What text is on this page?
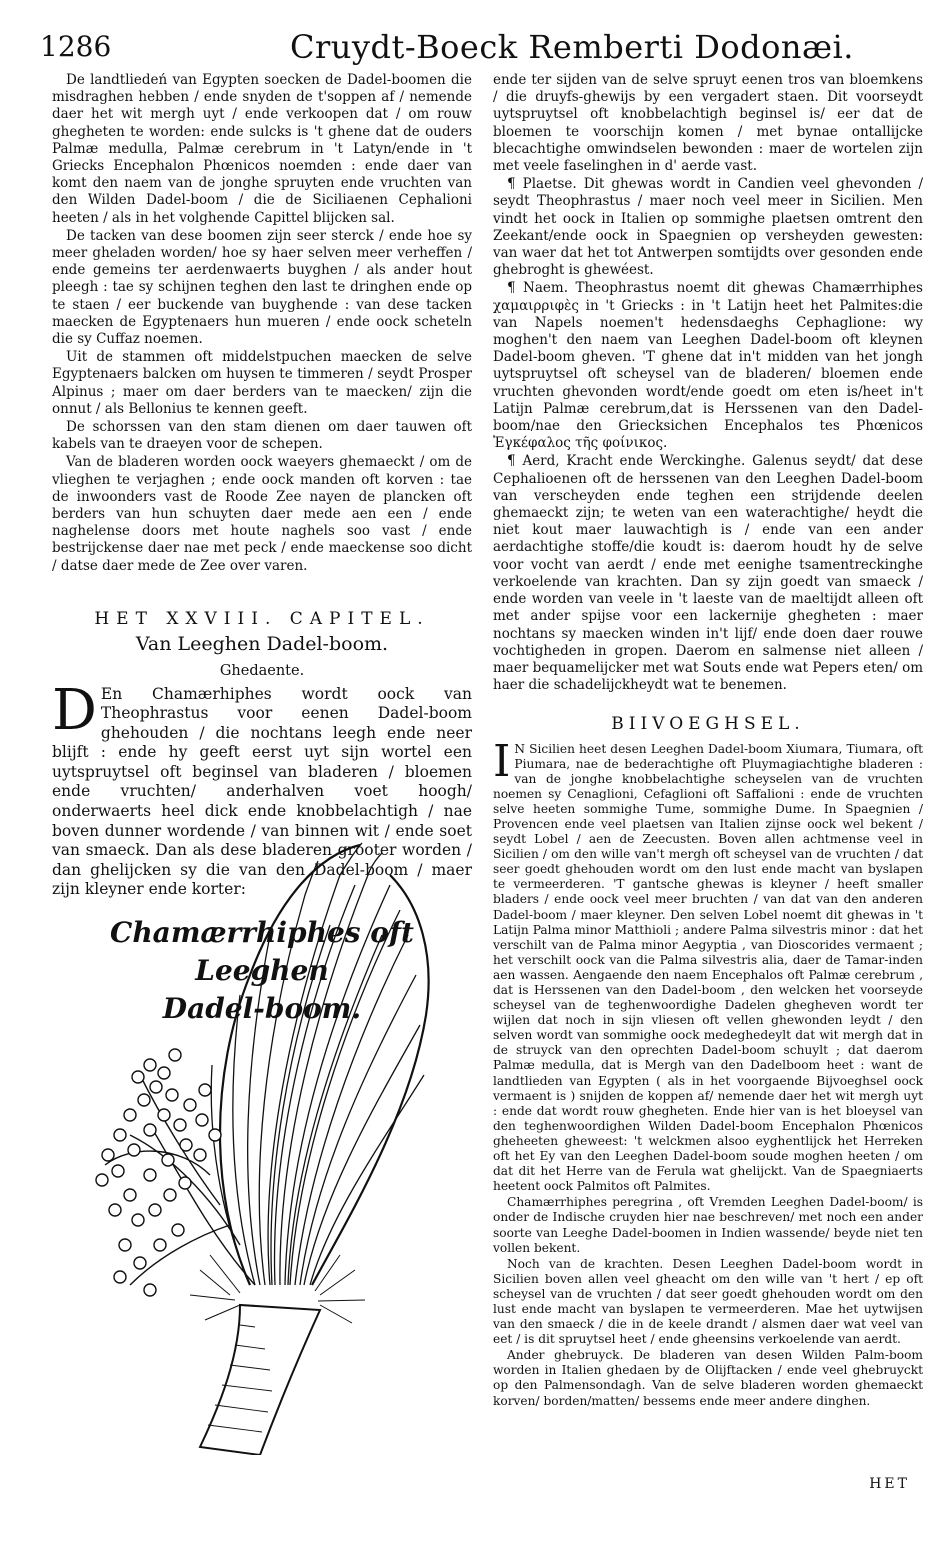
1286	Cruydt-Boeck Remberti Dodonæi.

De landtliedeń van Egypten soecken de Dadel-boomen die misdraghen hebben / ende snyden de t'soppen af / nemende daer het wit mergh uyt / ende verkoopen dat / om rouw ghegheten te worden: ende sulcks is 't ghene dat de ouders Palmæ medulla, Palmæ cerebrum in 't Latyn/ende in 't Griecks Encephalon Phœnicos noemden : ende daer van komt den naem van de jonghe spruyten ende vruchten van den Wilden Dadel-boom / die de Siciliaenen Cephalioni heeten / als in het volghende Capittel blijcken sal.

De tacken van dese boomen zijn seer sterck / ende hoe sy meer gheladen worden/ hoe sy haer selven meer verheffen / ende gemeins ter aerdenwaerts buyghen / als ander hout pleegh : tae sy schijnen teghen den last te dringhen ende op te staen / eer buckende van buyghende : van dese tacken maecken de Egyptenaers hun mueren / ende oock scheteln die sy Cuffaz noemen.

Uit de stammen oft middelstpuchen maecken de selve Egyptenaers balcken om huysen te timmeren / seydt Prosper Alpinus ; maer om daer berders van te maecken/ zijn die onnut / als Bellonius te kennen geeft.

De schorssen van den stam dienen om daer tauwen oft kabels van te draeyen voor de schepen.

Van de bladeren worden oock waeyers ghemaeckt / om de vlieghen te verjaghen ; ende oock manden oft korven : tae de inwoonders vast de Roode Zee nayen de plancken oft berders van hun schuyten daer mede aen een / ende naghelense doors met houte naghels soo vast / ende bestrijckense daer nae met peck / ende maeckense soo dicht / datse daer mede de Zee over varen.

HET XXVIII. CAPITEL.
Van Leeghen Dadel-boom.
Ghedaente.

D En Chamærhiphes wordt oock van Theophrastus voor eenen Dadel-boom ghehouden / die nochtans leegh ende neer blijft : ende hy geeft eerst uyt sijn wortel een uytspruytsel oft beginsel van bladeren / bloemen ende vruchten/ anderhalven voet hoogh/ onderwaerts heel dick ende knobbelachtigh / nae boven dunner wordende / van binnen wit / ende soet van smaeck. Dan als dese bladeren grooter worden / dan ghelijcken sy die van den Dadel-boom / maer zijn kleyner ende korter:

Chamærrhiphes oft Leeghen
Dadel-boom.

ende ter sijden van de selve spruyt eenen tros van bloemkens / die druyfs-ghewijs by een vergadert staen. Dit voorseydt uytspruytsel oft knobbelachtigh beginsel is/ eer dat de bloemen te voorschijn komen / met bynae ontallijcke blecachtighe omwindselen bewonden : maer de wortelen zijn met veele faselinghen in d' aerde vast.

¶ Plaetse. Dit ghewas wordt in Candien veel ghevonden / seydt Theophrastus / maer noch veel meer in Sicilien. Men vindt het oock in Italien op sommighe plaetsen omtrent den Zeekant/ende oock in Spaegnien op versheyden gewesten: van waer dat het tot Antwerpen somtijdts over gesonden ende ghebroght is ghewéest.

¶ Naem. Theophrastus noemt dit ghewas Chamærrhiphes χαμαιρριφὲς in 't Griecks : in 't Latijn heet het Palmites:die van Napels noemen't hedensdaeghs Cephaglione: wy moghen't den naem van Leeghen Dadel-boom oft kleynen Dadel-boom gheven. 'T ghene dat in't midden van het jongh uytspruytsel oft scheysel van de bladeren/ bloemen ende vruchten ghevonden wordt/ende goedt om eten is/heet in't Latijn Palmæ cerebrum,dat is Herssenen van den Dadel-boom/nae den Griecksichen Encephalos tes Phœnicos Ἐγκέφαλος τῆς φοίνικος.

¶ Aerd, Kracht ende Werckinghe. Galenus seydt/ dat dese Cephalioenen oft de herssenen van den Leeghen Dadel-boom van verscheyden ende teghen een strijdende deelen ghemaeckt zijn; te weten van een waterachtighe/ heydt die niet kout maer lauwachtigh is / ende van een ander aerdachtighe stoffe/die koudt is: daerom houdt hy de selve voor vocht van aerdt / ende met eenighe tsamentreckinghe verkoelende van krachten. Dan sy zijn goedt van smaeck / ende worden van veele in 't laeste van de maeltijdt alleen oft met ander spijse voor een lackernije ghegheten : maer nochtans sy maecken winden in't lijf/ ende doen daer rouwe vochtigheden in gropen. Daerom en salmense niet alleen / maer bequamelijcker met wat Souts ende wat Pepers eten/ om haer die schadelijckheydt wat te benemen.

BIIVOEGHSEL.

I N Sicilien heet desen Leeghen Dadel-boom Xiumara, Tiumara, oft Piumara, nae de bederachtighe oft Pluymagiachtighe bladeren : van de jonghe knobbelachtighe scheyselen van de vruchten noemen sy Cenaglioni, Cefaglioni oft Saffalioni : ende de vruchten selve heeten sommighe Tume, sommighe Dume. In Spaegnien / Provencen ende veel plaetsen van Italien zijnse oock wel bekent / seydt Lobel / aen de Zeecusten. Boven allen achtmense veel in Sicilien / om den wille van't mergh oft scheysel van de vruchten / dat seer goedt ghehouden wordt om den lust ende macht van byslapen te vermeerderen. 'T gantsche ghewas is kleyner / heeft smaller bladers / ende oock veel meer bruchten / van dat van den anderen Dadel-boom / maer kleyner. Den selven Lobel noemt dit ghewas in 't Latijn Palma minor Matthioli ; andere Palma silvestris minor : dat het verschilt van de Palma minor Aegyptia , van Dioscorides vermaent ; het verschilt oock van die Palma silvestris alia, daer de Tamar-inden aen wassen. Aengaende den naem Encephalos oft Palmæ cerebrum , dat is Herssenen van den Dadel-boom , den welcken het voorseyde scheysel van de teghenwoordighe Dadelen ghegheven wordt ter wijlen dat noch in sijn vliesen oft vellen ghewonden leydt / den selven wordt van sommighe oock medeghedeylt dat wit mergh dat in de struyck van den oprechten Dadel-boom schuylt ; dat daerom Palmæ medulla, dat is Mergh van den Dadelboom heet : want de landtlieden van Egypten ( als in het voorgaende Bijvoeghsel oock vermaent is ) snijden de koppen af/ nemende daer het wit mergh uyt : ende dat wordt rouw ghegheten. Ende hier van is het bloeysel van den teghenwoordighen Wilden Dadel-boom Encephalon Phœnicos gheheeten gheweest: 't welckmen alsoo eyghentlijck het Herreken oft het Ey van den Leeghen Dadel-boom soude moghen heeten / om dat dit het Herre van de Ferula wat ghelijckt. Van de Spaegniaerts heetent oock Palmitos oft Palmites.

Chamærrhiphes peregrina , oft Vremden Leeghen Dadel-boom/ is onder de Indische cruyden hier nae beschreven/ met noch een ander soorte van Leeghe Dadel-boomen in Indien wassende/ beyde niet ten vollen bekent.

Noch van de krachten. Desen Leeghen Dadel-boom wordt in Sicilien boven allen veel gheacht om den wille van 't hert / ep oft scheysel van de vruchten / dat seer goedt ghehouden wordt om den lust ende macht van byslapen te vermeerderen. Mae het uytwijsen van den smaeck / die in de keele drandt / alsmen daer wat veel van eet / is dit spruytsel heet / ende gheensins verkoelende van aerdt.

Ander ghebruyck. De bladeren van desen Wilden Palm-boom worden in Italien ghedaen by de Olijftacken / ende veel ghebruyckt op den Palmensondagh. Van de selve bladeren worden ghemaeckt korven/ borden/matten/ bessems ende meer andere dinghen.

HET
